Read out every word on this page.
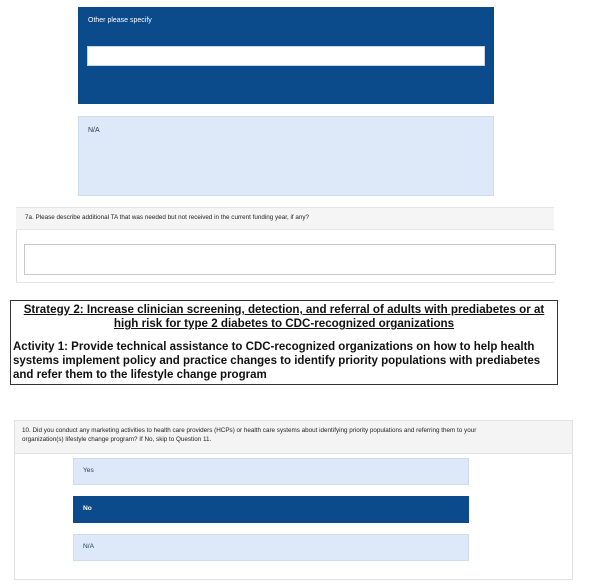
Other please specify
N/A
7a. Please describe additional TA that was needed but not received in the current funding year, if any?
Strategy 2: Increase clinician screening, detection, and referral of adults with prediabetes or at
high risk for type 2 diabetes to CDC-recognized organizations
Activity 1: Provide technical assistance to CDC-recognized organizations on how to help health
systems implement policy and practice changes to identify priority populations with prediabetes
and refer them to the lifestyle change program
10. Did you conduct any marketing activities to health care providers (HCPs) or health care systems about identifying priority populations and referring them to your
organization(s) lifestyle change program? If No, skip to Question 11.
Yes
No
N/A
